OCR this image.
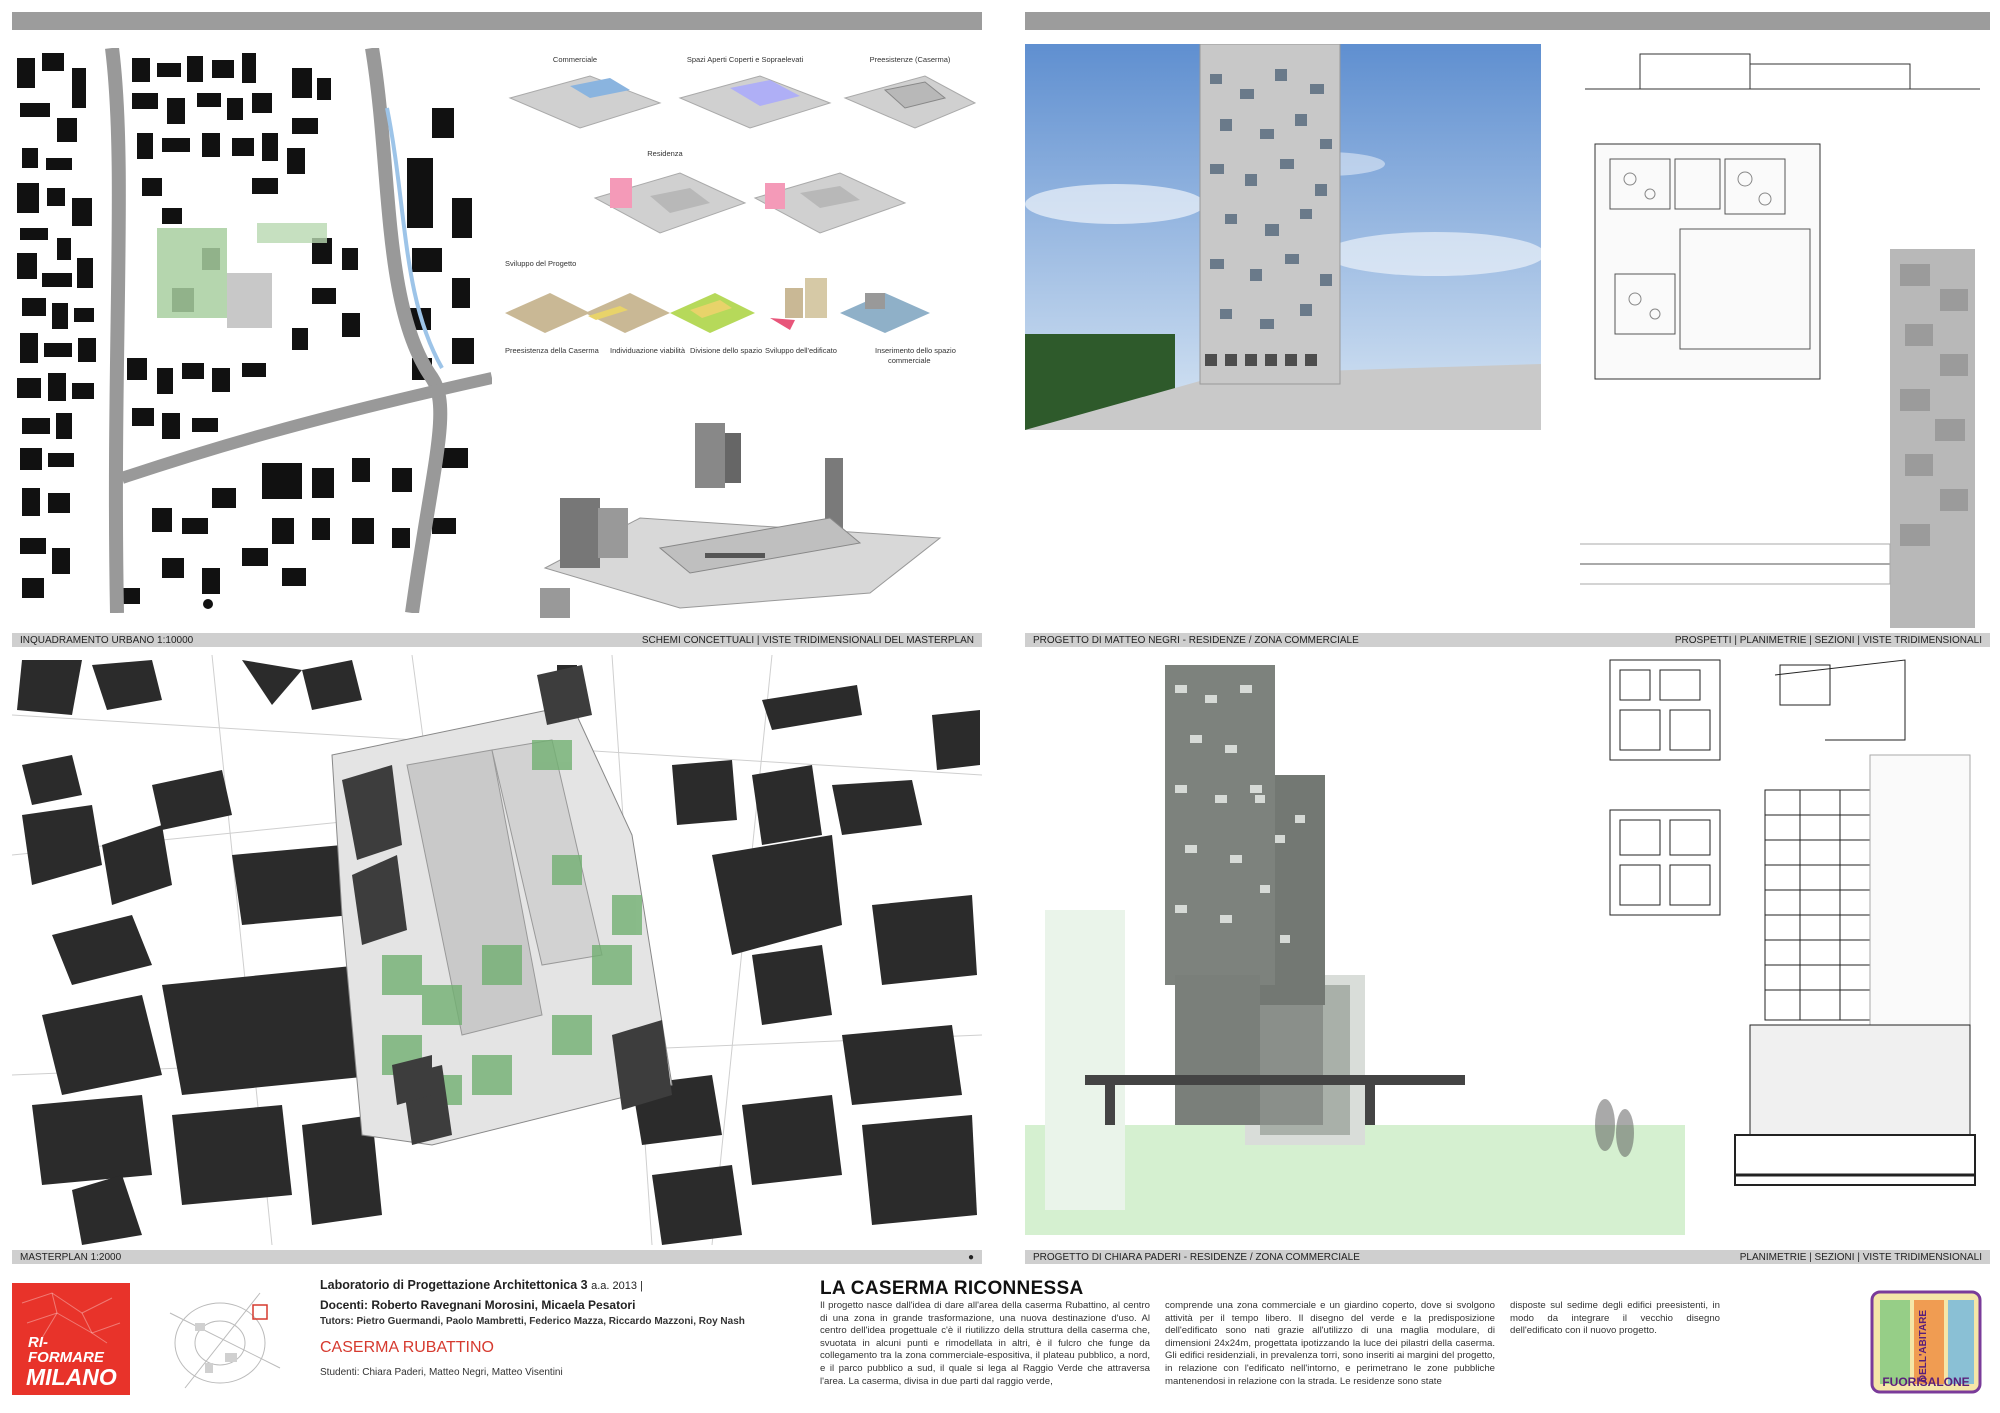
Commerciale	Spazi Aperti Coperti e Sopraelevati	Preesistenze (Caserma)
Residenza
Sviluppo del Progetto
Preesistenza della Caserma Individuazione viabilità Divisione dello spazio Sviluppo dell'edificato	Inserimento dello spazio
commerciale
INQUADRAMENTO URBANO 1:10000	SCHEMI CONCETTUALI | VISTE TRIDIMENSIONALI DEL MASTERPLAN	PROGETTO DI MATTEO NEGRI - RESIDENZE / ZONA COMMERCIALE	PROSPETTI | PLANIMETRIE | SEZIONI | VISTE TRIDIMENSIONALI
MASTERPLAN 1:2000	●	PROGETTO DI CHIARA PADERI - RESIDENZE / ZONA COMMERCIALE	PLANIMETRIE | SEZIONI | VISTE TRIDIMENSIONALI
RI-
FORMARE
MILANO
Laboratorio di Progettazione Architettonica 3 a.a. 2013 |
Docenti: Roberto Ravegnani Morosini, Micaela Pesatori
Tutors: Pietro Guermandi, Paolo Mambretti, Federico Mazza, Riccardo Mazzoni, Roy Nash
CASERMA RUBATTINO
Studenti: Chiara Paderi, Matteo Negri, Matteo Visentini
LA CASERMA RICONNESSA
Il progetto nasce dall'idea di dare all'area della caserma Rubattino, al centro di una zona in grande trasformazione, una nuova destinazione d'uso. Al centro dell'idea progettuale c'è il riutilizzo della struttura della caserma che, svuotata in alcuni punti e rimodellata in altri, è il fulcro che funge da collegamento tra la zona commerciale-espositiva, il plateau pubblico, a nord, e il parco pubblico a sud, il quale si lega al Raggio Verde che attraversa l'area. La caserma, divisa in due parti dal raggio verde,
comprende una zona commerciale e un giardino coperto, dove si svolgono attività per il tempo libero. Il disegno del verde e la predisposizione dell'edificato sono nati grazie all'utilizzo di una maglia modulare, di dimensioni 24x24m, progettata ipotizzando la luce dei pilastri della caserma. Gli edifici residenziali, in prevalenza torri, sono inseriti ai margini del progetto, in relazione con l'edificato nell'intorno, e perimetrano le zone pubbliche mantenendosi in relazione con la strada. Le residenze sono state
disposte sul sedime degli edifici preesistenti, in modo da integrare il vecchio disegno dell'edificato con il nuovo progetto.	DELL'ABITARE
FUORISALONE
